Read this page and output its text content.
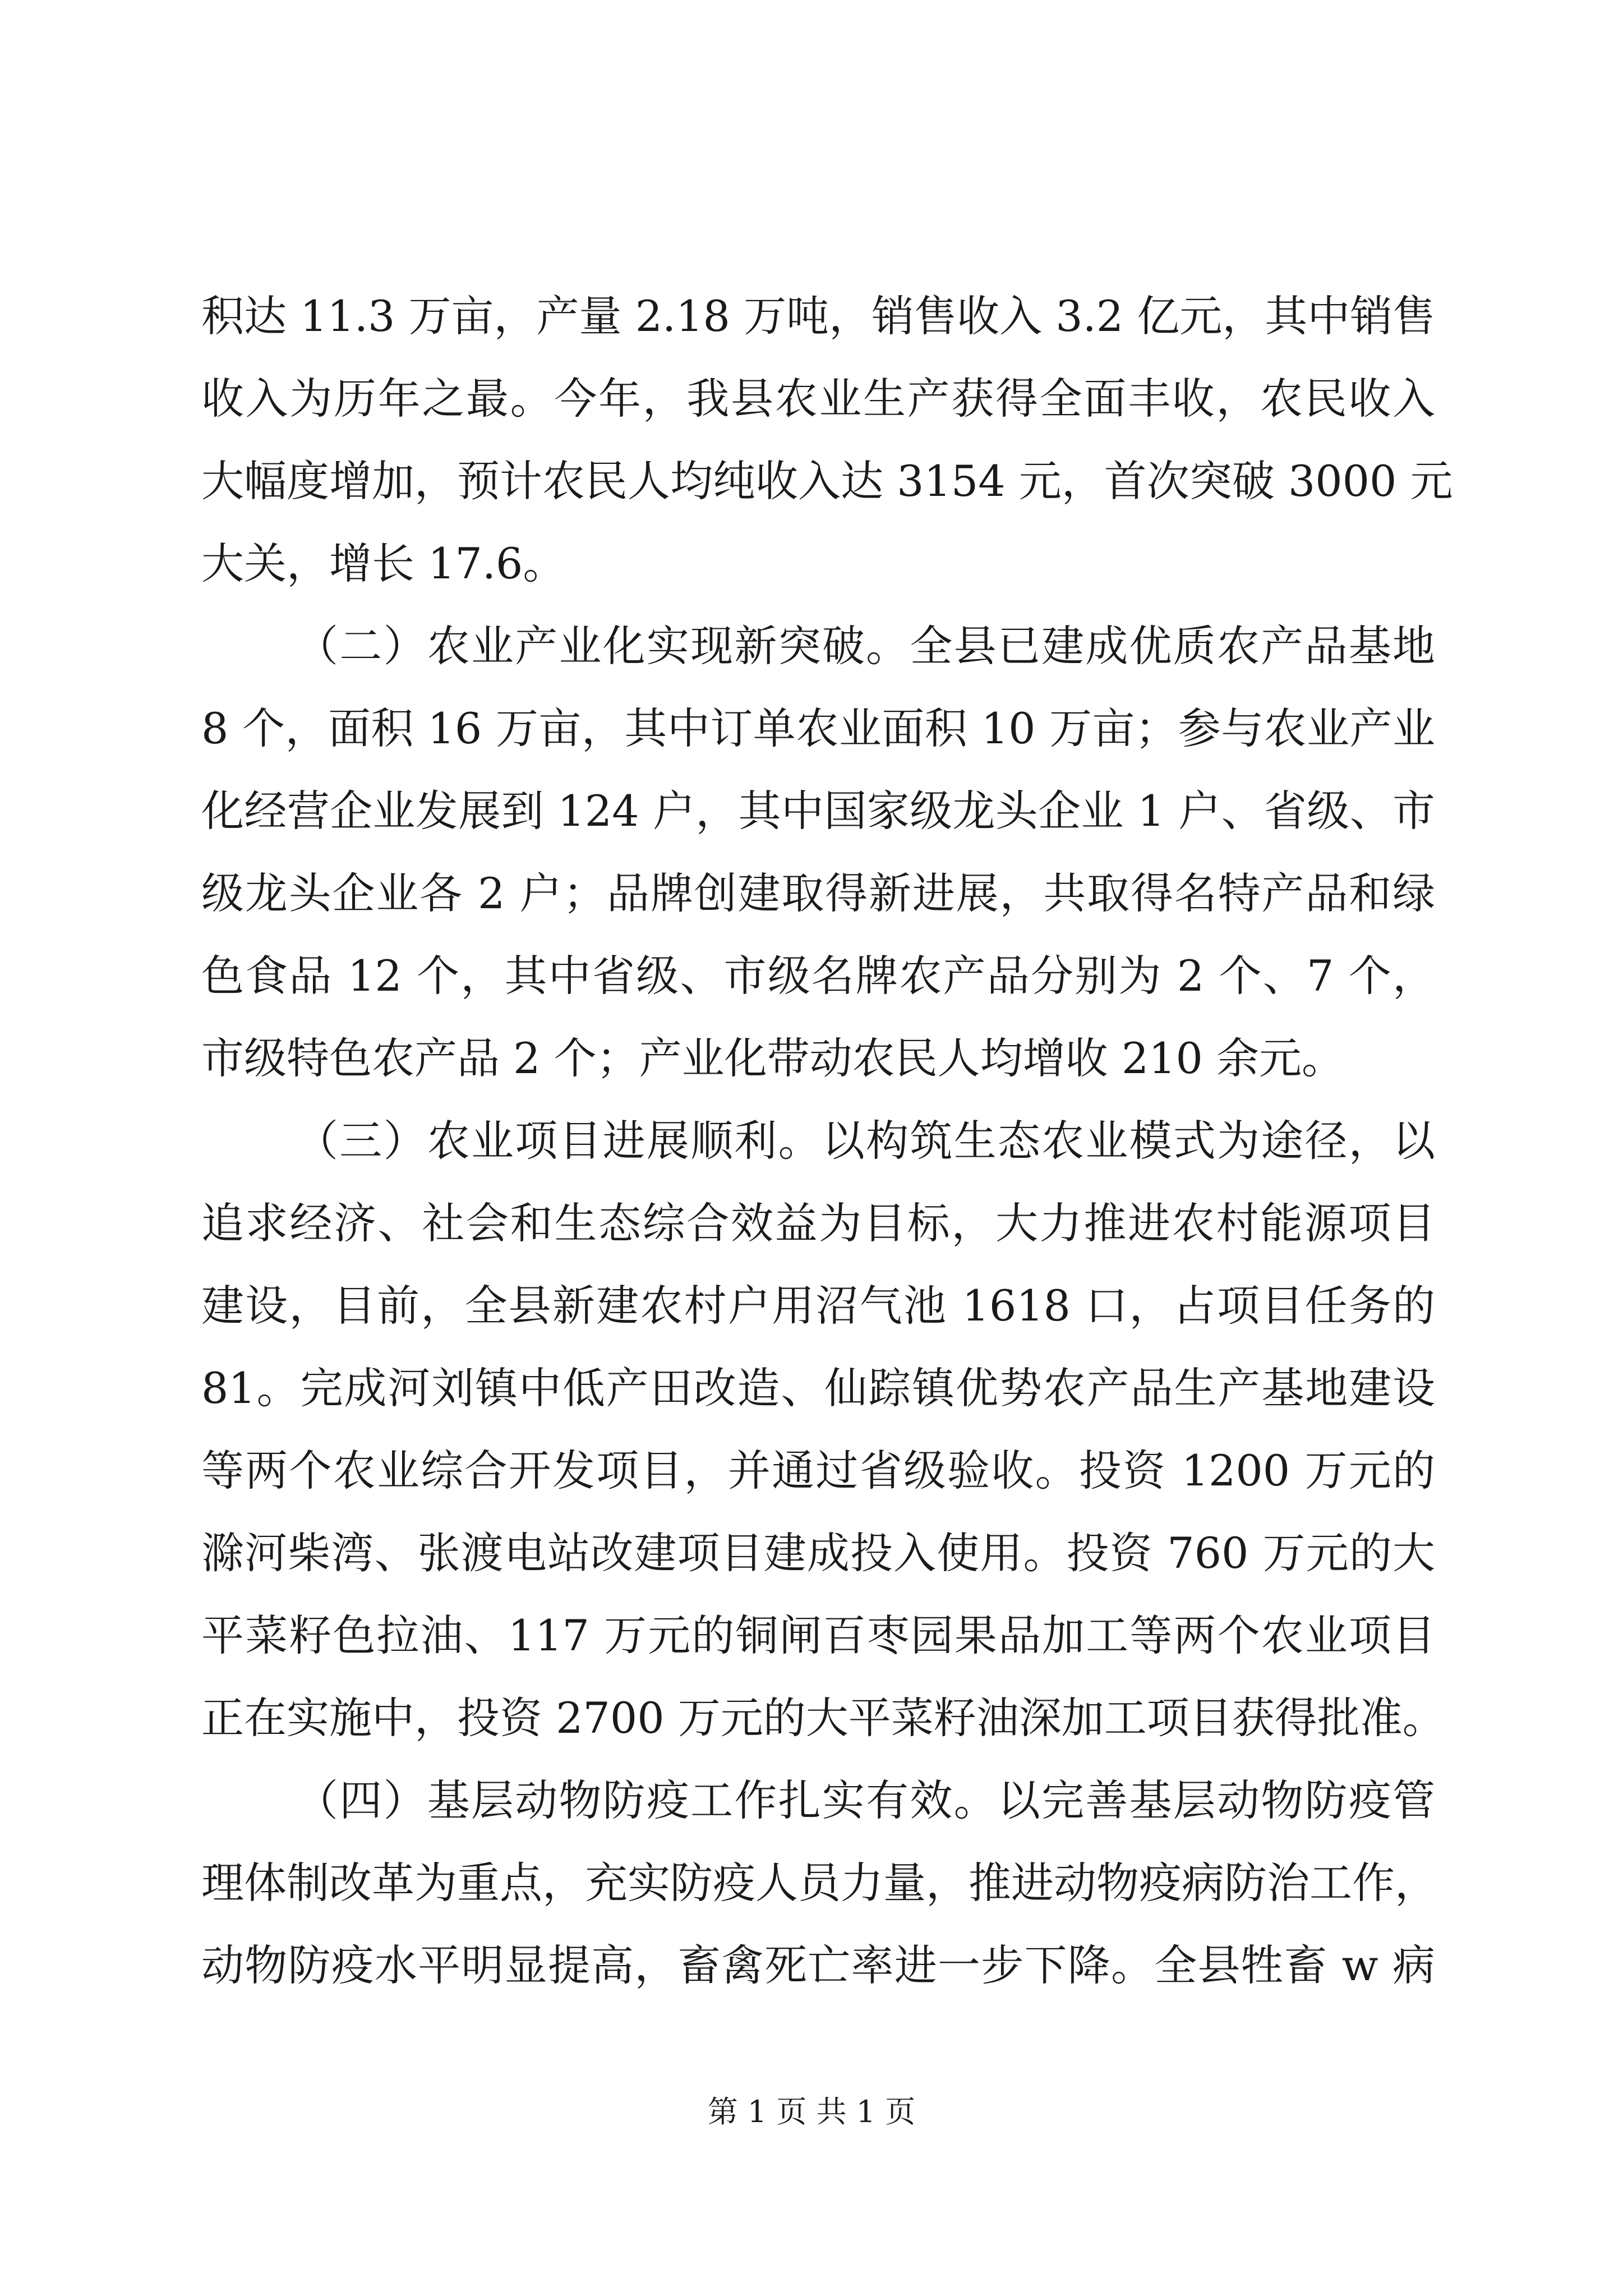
积达 11.3 万亩，产量 2.18 万吨，销售收入 3.2 亿元，其中销售
收入为历年之最。今年，我县农业生产获得全面丰收，农民收入
大幅度增加，预计农民人均纯收入达 3154 元，首次突破 3000 元
大关，增长 17.6。
（二）农业产业化实现新突破。全县已建成优质农产品基地
8 个，面积 16 万亩，其中订单农业面积 10 万亩；参与农业产业
化经营企业发展到 124 户，其中国家级龙头企业 1 户、省级、市
级龙头企业各 2 户；品牌创建取得新进展，共取得名特产品和绿
色食品 12 个，其中省级、市级名牌农产品分别为 2 个、7 个，
市级特色农产品 2 个；产业化带动农民人均增收 210 余元。
（三）农业项目进展顺利。以构筑生态农业模式为途径，以
追求经济、社会和生态综合效益为目标，大力推进农村能源项目
建设，目前，全县新建农村户用沼气池 1618 口，占项目任务的
81。完成河刘镇中低产田改造、仙踪镇优势农产品生产基地建设
等两个农业综合开发项目，并通过省级验收。投资 1200 万元的
滁河柴湾、张渡电站改建项目建成投入使用。投资 760 万元的大
平菜籽色拉油、117 万元的铜闸百枣园果品加工等两个农业项目
正在实施中，投资 2700 万元的大平菜籽油深加工项目获得批准。
（四）基层动物防疫工作扎实有效。以完善基层动物防疫管
理体制改革为重点，充实防疫人员力量，推进动物疫病防治工作，
动物防疫水平明显提高，畜禽死亡率进一步下降。全县牲畜 w 病
第 1 页 共 1 页
